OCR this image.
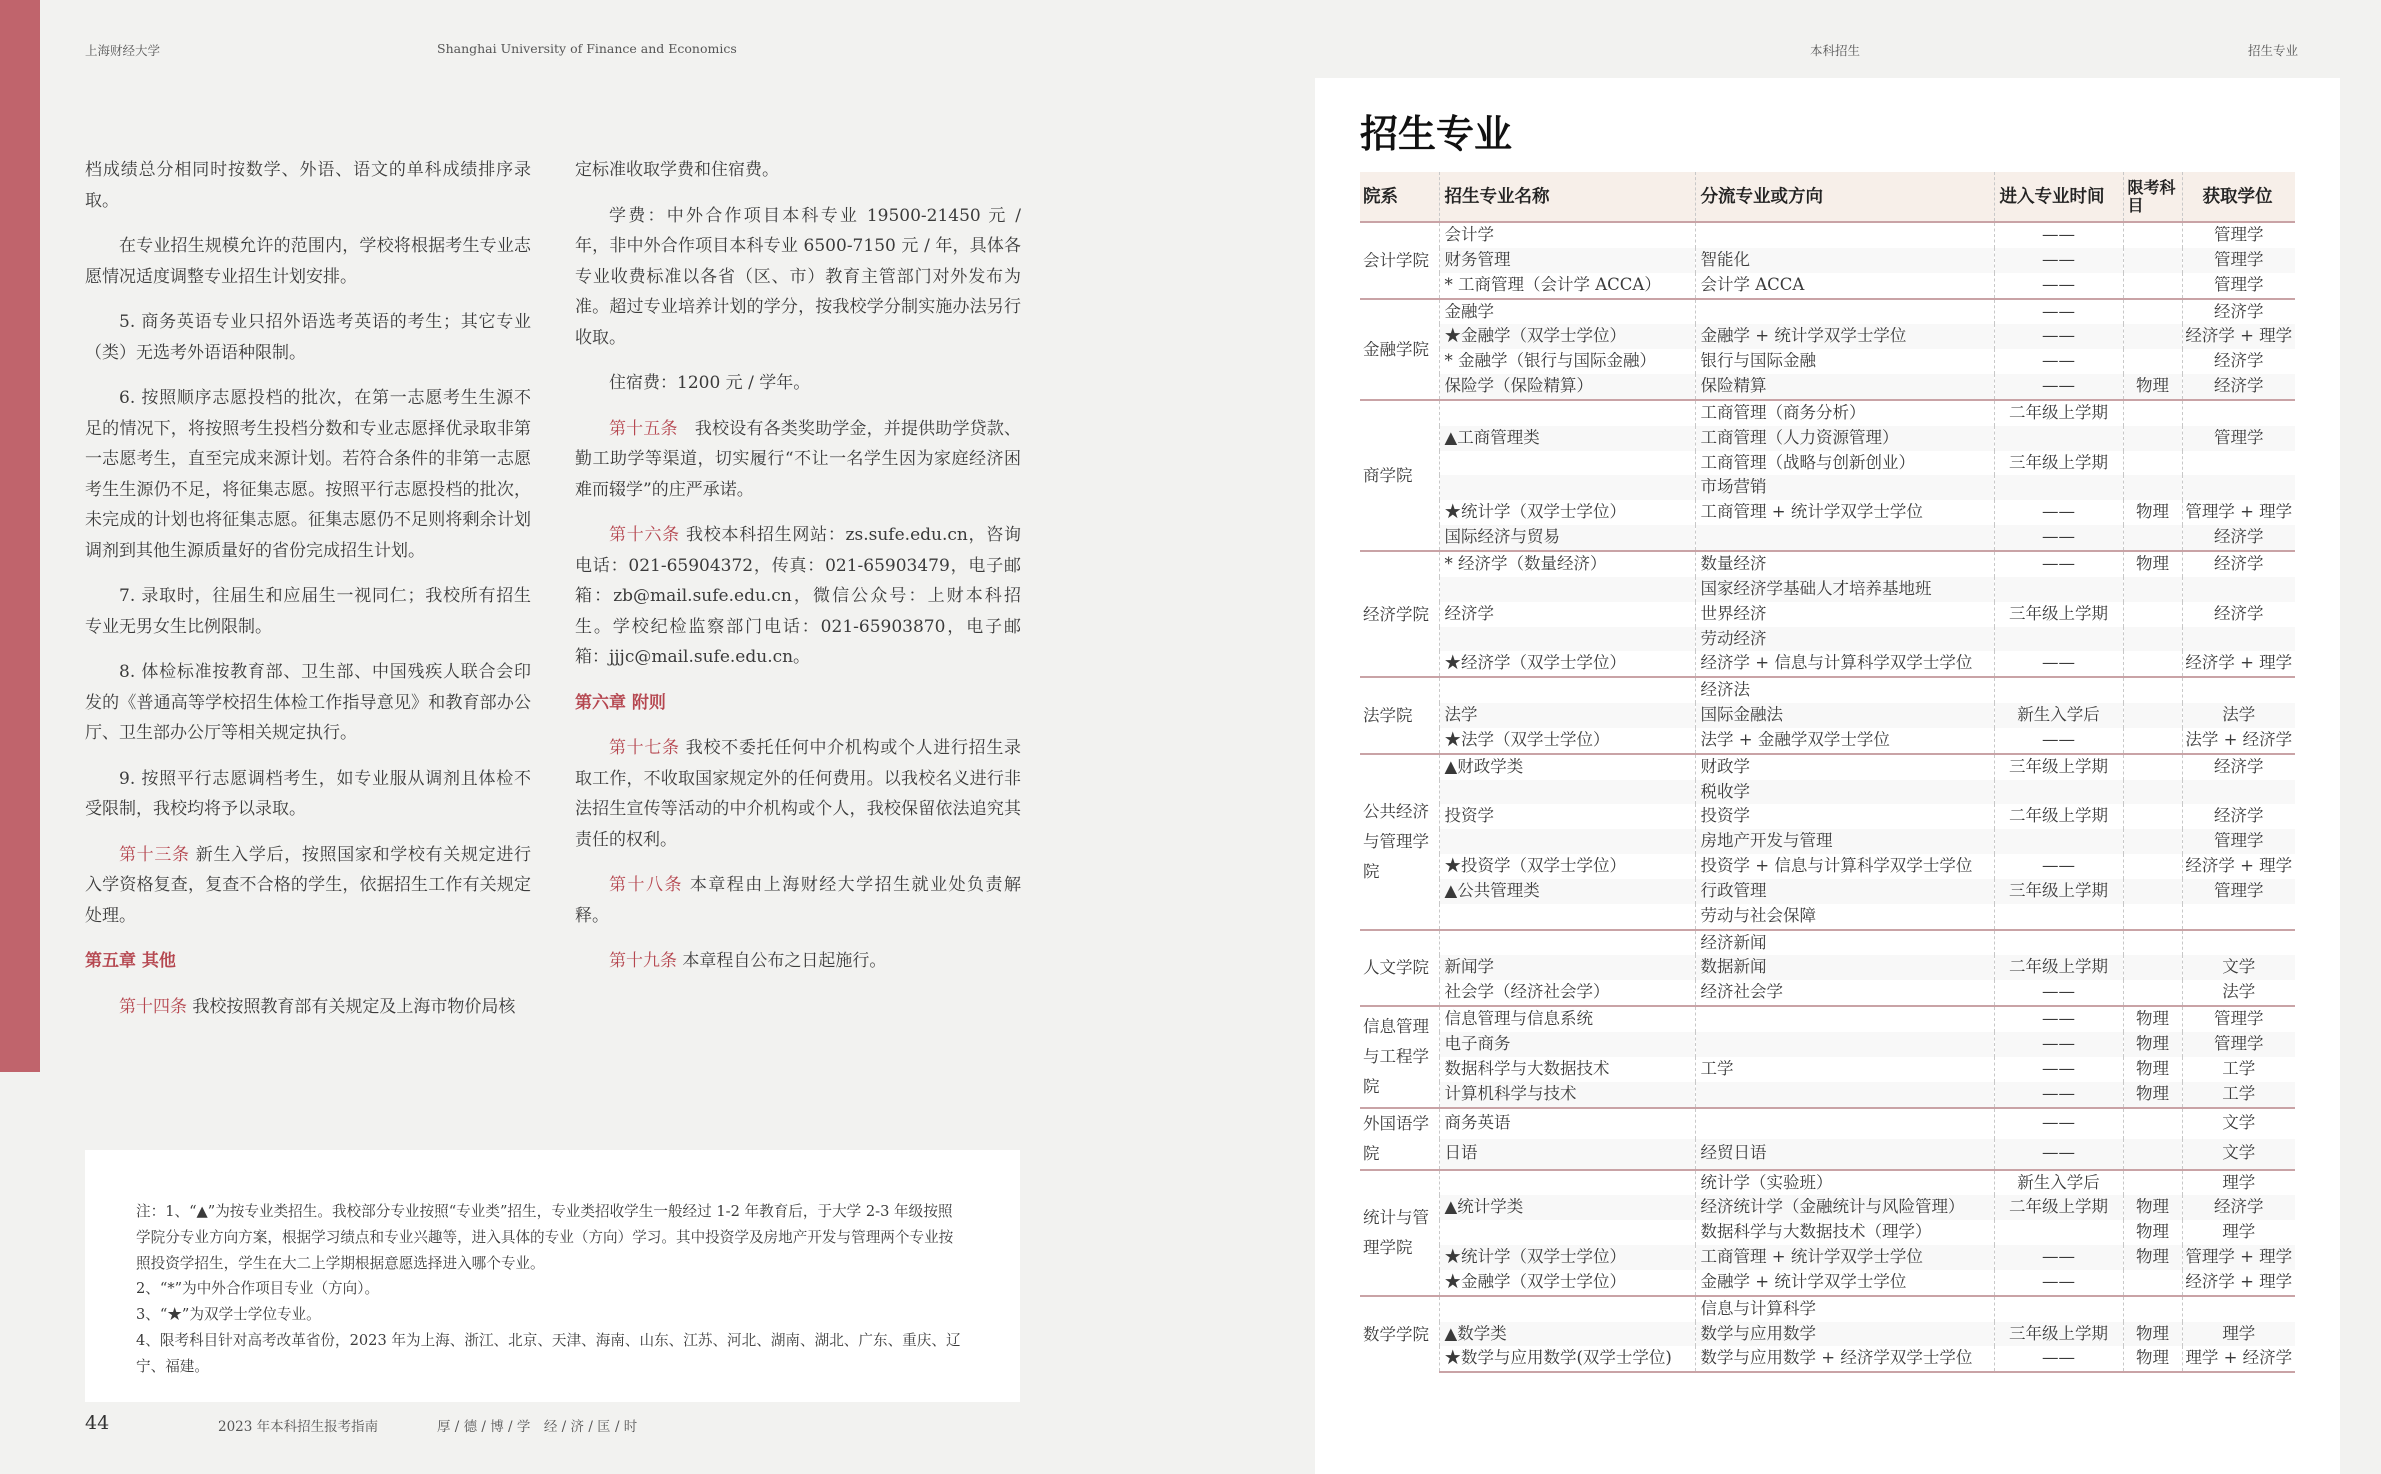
上海财经大学	Shanghai University of Finance and Economics	本科招生	招生专业

档成绩总分相同时按数学、外语、语文的单科成绩排序录取。

在专业招生规模允许的范围内，学校将根据考生专业志愿情况适度调整专业招生计划安排。

5. 商务英语专业只招外语选考英语的考生；其它专业（类）无选考外语语种限制。

6. 按照顺序志愿投档的批次，在第一志愿考生生源不足的情况下，将按照考生投档分数和专业志愿择优录取非第一志愿考生，直至完成来源计划。若符合条件的非第一志愿考生生源仍不足，将征集志愿。按照平行志愿投档的批次，未完成的计划也将征集志愿。征集志愿仍不足则将剩余计划调剂到其他生源质量好的省份完成招生计划。

7. 录取时，往届生和应届生一视同仁；我校所有招生专业无男女生比例限制。

8. 体检标准按教育部、卫生部、中国残疾人联合会印发的《普通高等学校招生体检工作指导意见》和教育部办公厅、卫生部办公厅等相关规定执行。

9. 按照平行志愿调档考生，如专业服从调剂且体检不受限制，我校均将予以录取。

第十三条 新生入学后，按照国家和学校有关规定进行入学资格复查，复查不合格的学生，依据招生工作有关规定处理。

第五章 其他

第十四条 我校按照教育部有关规定及上海市物价局核

定标准收取学费和住宿费。

学费：中外合作项目本科专业 19500-21450 元 / 年，非中外合作项目本科专业 6500-7150 元 / 年，具体各专业收费标准以各省（区、市）教育主管部门对外发布为准。超过专业培养计划的学分，按我校学分制实施办法另行收取。

住宿费：1200 元 / 学年。

第十五条　我校设有各类奖助学金，并提供助学贷款、勤工助学等渠道，切实履行“不让一名学生因为家庭经济困难而辍学”的庄严承诺。

第十六条 我校本科招生网站：zs.sufe.edu.cn，咨询电话：021-65904372，传真：021-65903479，电子邮箱：zb@mail.sufe.edu.cn，微信公众号：上财本科招生。学校纪检监察部门电话：021-65903870，电子邮箱：jjjc@mail.sufe.edu.cn。

第六章 附则

第十七条 我校不委托任何中介机构或个人进行招生录取工作，不收取国家规定外的任何费用。以我校名义进行非法招生宣传等活动的中介机构或个人，我校保留依法追究其责任的权利。

第十八条 本章程由上海财经大学招生就业处负责解释。

第十九条 本章程自公布之日起施行。

注：1、“▲”为按专业类招生。我校部分专业按照“专业类”招生，专业类招收学生一般经过 1-2 年教育后，于大学 2-3 年级按照
学院分专业方向方案，根据学习绩点和专业兴趣等，进入具体的专业（方向）学习。其中投资学及房地产开发与管理两个专业按
照投资学招生，学生在大二上学期根据意愿选择进入哪个专业。
2、“*”为中外合作项目专业（方向）。
3、“★”为双学士学位专业。
4、限考科目针对高考改革省份，2023 年为上海、浙江、北京、天津、海南、山东、江苏、河北、湖南、湖北、广东、重庆、辽宁、福建。
44	2023 年本科招生报考指南	厚 / 德 / 博 / 学　经 / 济 / 匡 / 时
招生专业
院系	招生专业名称	分流专业或方向	进入专业时间	限考科目	获取学位
会计学院	会计学		——		管理学
	财务管理	智能化	——		管理学
	* 工商管理（会计学 ACCA）	会计学 ACCA	——		管理学
金融学院	金融学		——		经济学
	★金融学（双学士学位）	金融学 + 统计学双学士学位	——		经济学 + 理学
	* 金融学（银行与国际金融）	银行与国际金融	——		经济学
	保险学（保险精算）	保险精算	——	物理	经济学
商学院		工商管理（商务分析）	二年级上学期		
	▲工商管理类	工商管理（人力资源管理）			管理学
		工商管理（战略与创新创业）	三年级上学期		
		市场营销			
	★统计学（双学士学位）	工商管理 + 统计学双学士学位	——	物理	管理学 + 理学
	国际经济与贸易		——		经济学
经济学院	* 经济学（数量经济）	数量经济	——	物理	经济学
		国家经济学基础人才培养基地班			
	经济学	世界经济	三年级上学期		经济学
		劳动经济			
	★经济学（双学士学位）	经济学 + 信息与计算科学双学士学位	——		经济学 + 理学
法学院		经济法			
	法学	国际金融法	新生入学后		法学
	★法学（双学士学位）	法学 + 金融学双学士学位	——		法学 + 经济学
公共经济与管理学院	▲财政学类	财政学	三年级上学期		经济学
		税收学			
	投资学	投资学	二年级上学期		经济学
		房地产开发与管理			管理学
	★投资学（双学士学位）	投资学 + 信息与计算科学双学士学位	——		经济学 + 理学
	▲公共管理类	行政管理	三年级上学期		管理学
		劳动与社会保障			
人文学院		经济新闻			
	新闻学	数据新闻	二年级上学期		文学
	社会学（经济社会学）	经济社会学	——		法学
信息管理与工程学院	信息管理与信息系统		——	物理	管理学
	电子商务		——	物理	管理学
	数据科学与大数据技术	工学	——	物理	工学
	计算机科学与技术		——	物理	工学
外国语学院	商务英语		——		文学
	日语	经贸日语	——		文学
统计与管理学院		统计学（实验班）	新生入学后		理学
	▲统计学类	经济统计学（金融统计与风险管理）	二年级上学期	物理	经济学
		数据科学与大数据技术（理学）		物理	理学
	★统计学（双学士学位）	工商管理 + 统计学双学士学位	——	物理	管理学 + 理学
	★金融学（双学士学位）	金融学 + 统计学双学士学位	——		经济学 + 理学
数学学院		信息与计算科学			
	▲数学类	数学与应用数学	三年级上学期	物理	理学
	★数学与应用数学(双学士学位)	数学与应用数学 + 经济学双学士学位	——	物理	理学 + 经济学
